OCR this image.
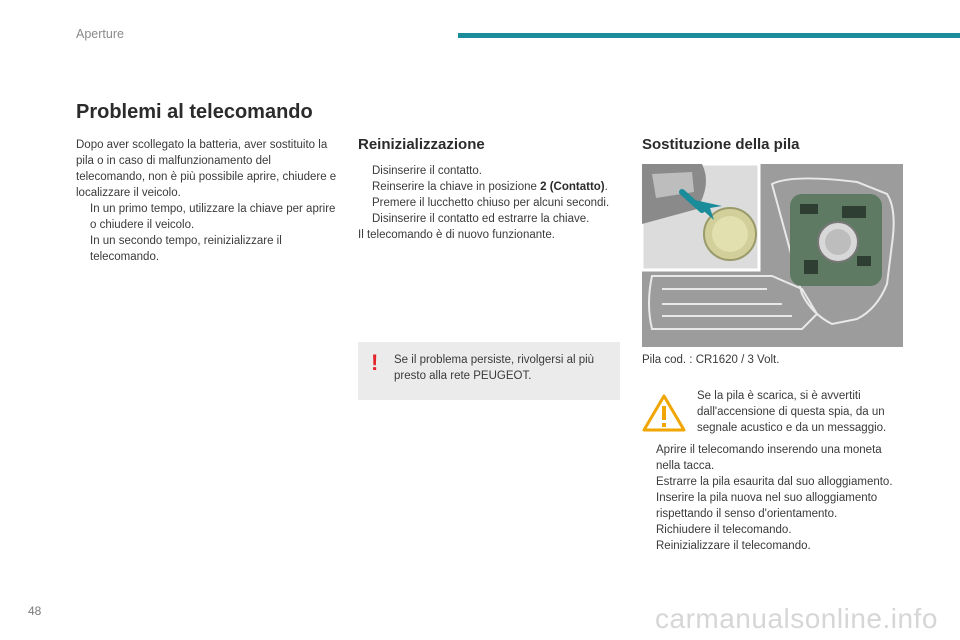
Aperture
Problemi al telecomando

Dopo aver scollegato la batteria, aver sostituito la pila o in caso di malfunzionamento del telecomando, non è più possibile aprire, chiudere e localizzare il veicolo.

In un primo tempo, utilizzare la chiave per aprire o chiudere il veicolo.
In un secondo tempo, reinizializzare il telecomando.
Reinizializzazione
Disinserire il contatto.
Reinserire la chiave in posizione 2 (Contatto).
Premere il lucchetto chiuso per alcuni secondi.
Disinserire il contatto ed estrarre la chiave.

Il telecomando è di nuovo funzionante.

! Se il problema persiste, rivolgersi al più presto alla rete PEUGEOT.
Sostituzione della pila
Pila cod. : CR1620 / 3 Volt.
Se la pila è scarica, si è avvertiti dall'accensione di questa spia, da un segnale acustico e da un messaggio.
Aprire il telecomando inserendo una moneta nella tacca.
Estrarre la pila esaurita dal suo alloggiamento.
Inserire la pila nuova nel suo alloggiamento rispettando il senso d'orientamento.
Richiudere il telecomando.
Reinizializzare il telecomando.
48	carmanualsonline.info
